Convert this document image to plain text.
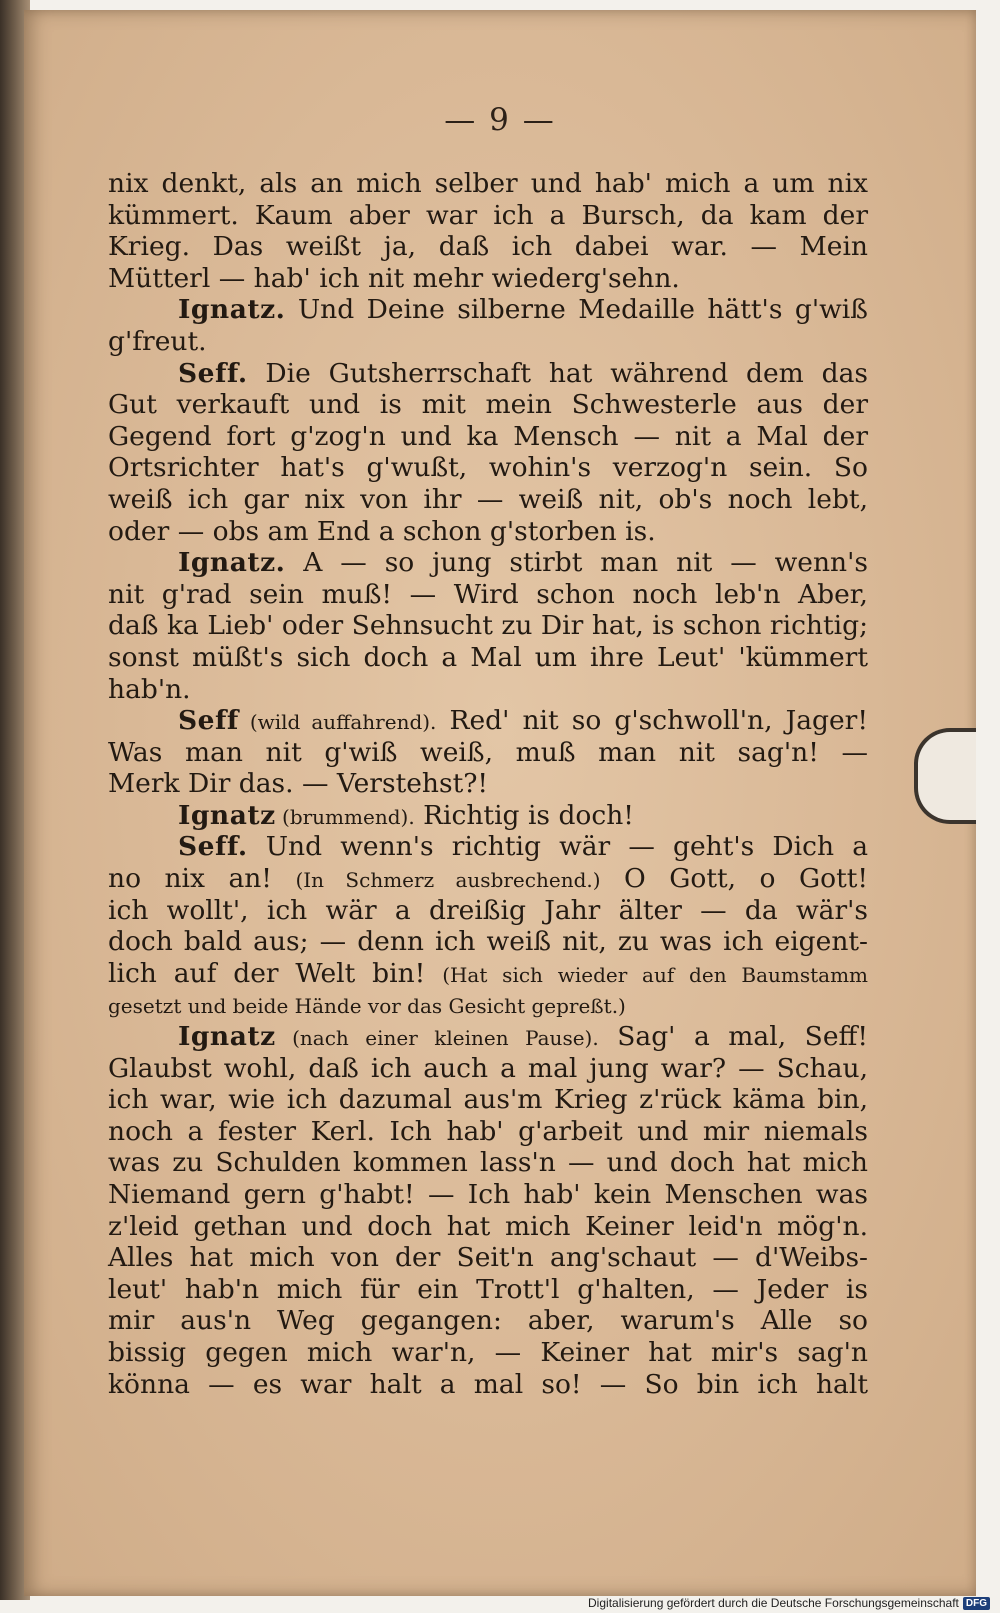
— 9 —
nix denkt, als an mich selber und hab' mich a um nix
kümmert. Kaum aber war ich a Bursch, da kam der
Krieg. Das weißt ja, daß ich dabei war. — Mein
Mütterl — hab' ich nit mehr wiederg'sehn.
Ignatz. Und Deine silberne Medaille hätt's g'wiß
g'freut.
Seff. Die Gutsherrschaft hat während dem das
Gut verkauft und is mit mein Schwesterle aus der
Gegend fort g'zog'n und ka Mensch — nit a Mal der
Ortsrichter hat's g'wußt, wohin's verzog'n sein. So
weiß ich gar nix von ihr — weiß nit, ob's noch lebt,
oder — obs am End a schon g'storben is.
Ignatz. A — so jung stirbt man nit — wenn's
nit g'rad sein muß! — Wird schon noch leb'n Aber,
daß ka Lieb' oder Sehnsucht zu Dir hat, is schon richtig;
sonst müßt's sich doch a Mal um ihre Leut' 'kümmert
hab'n.
Seff (wild auffahrend). Red' nit so g'schwoll'n, Jager!
Was man nit g'wiß weiß, muß man nit sag'n! —
Merk Dir das. — Verstehst?!
Ignatz (brummend). Richtig is doch!
Seff. Und wenn's richtig wär — geht's Dich a
no nix an! (In Schmerz ausbrechend.) O Gott, o Gott!
ich wollt', ich wär a dreißig Jahr älter — da wär's
doch bald aus; — denn ich weiß nit, zu was ich eigent-
lich auf der Welt bin! (Hat sich wieder auf den Baumstamm
gesetzt und beide Hände vor das Gesicht gepreßt.)
Ignatz (nach einer kleinen Pause). Sag' a mal, Seff!
Glaubst wohl, daß ich auch a mal jung war? — Schau,
ich war, wie ich dazumal aus'm Krieg z'rück käma bin,
noch a fester Kerl. Ich hab' g'arbeit und mir niemals
was zu Schulden kommen lass'n — und doch hat mich
Niemand gern g'habt! — Ich hab' kein Menschen was
z'leid gethan und doch hat mich Keiner leid'n mög'n.
Alles hat mich von der Seit'n ang'schaut — d'Weibs-
leut' hab'n mich für ein Trott'l g'halten, — Jeder is
mir aus'n Weg gegangen: aber, warum's Alle so
bissig gegen mich war'n, — Keiner hat mir's sag'n
könna — es war halt a mal so! — So bin ich halt
Digitalisierung gefördert durch die Deutsche Forschungsgemeinschaft DFG
